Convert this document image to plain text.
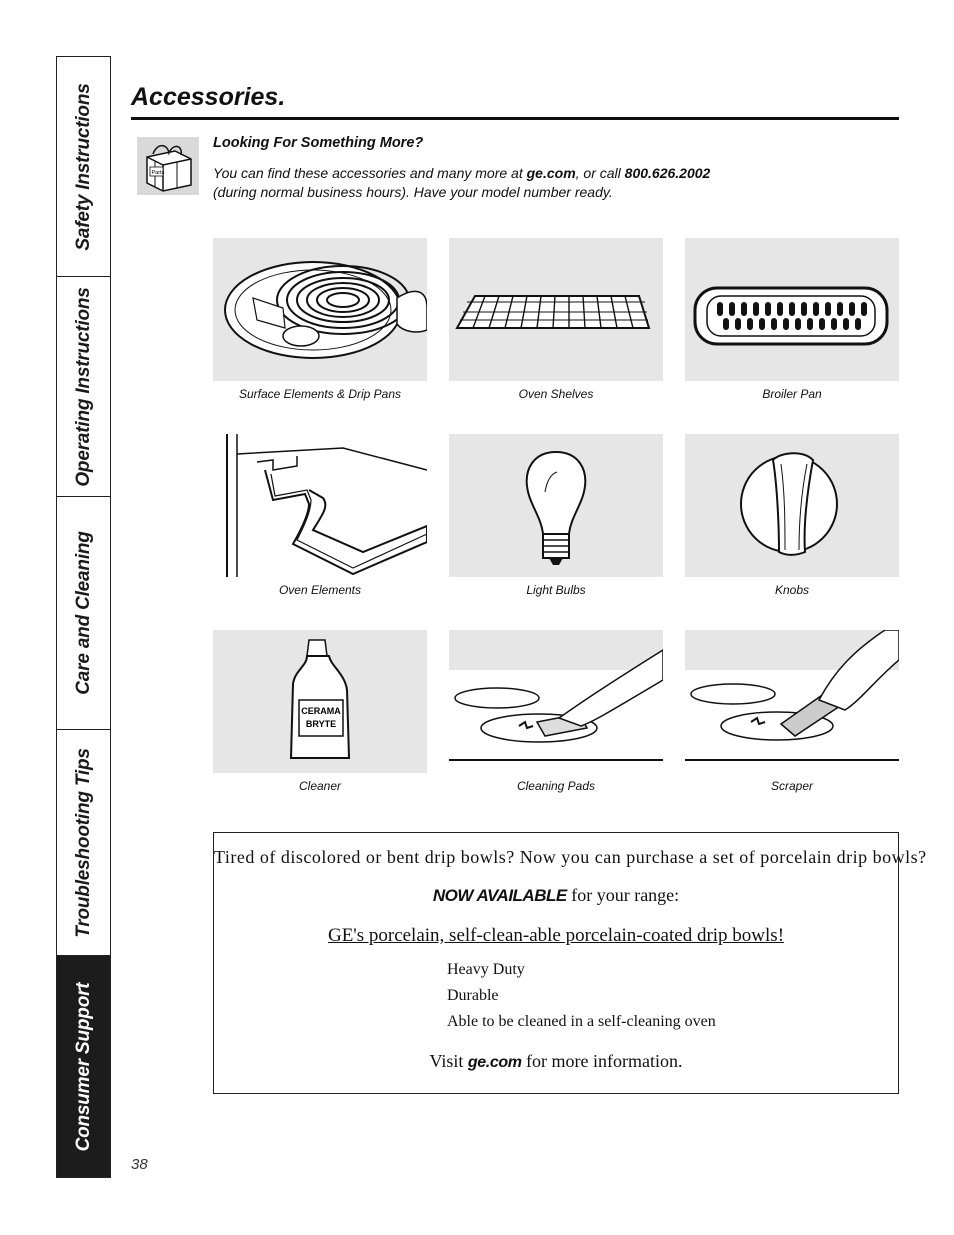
Safety Instructions
Operating Instructions
Care and Cleaning
Troubleshooting Tips
Consumer Support
Accessories.
Parts
Looking For Something More?
You can find these accessories and many more at ge.com, or call 800.626.2002
(during normal business hours). Have your model number ready.
Surface Elements & Drip Pans	Oven Shelves	Broiler Pan
Oven Elements	Light Bulbs	Knobs
CERAMA
BRYTE
Cleaner	Cleaning Pads	Scraper
Tired of discolored or bent drip bowls? Now you can purchase a set of porcelain drip bowls?
NOW AVAILABLE for your range:
GE's porcelain, self-clean-able porcelain-coated drip bowls!
Heavy Duty
Durable
Able to be cleaned in a self-cleaning oven
Visit ge.com for more information.
38
